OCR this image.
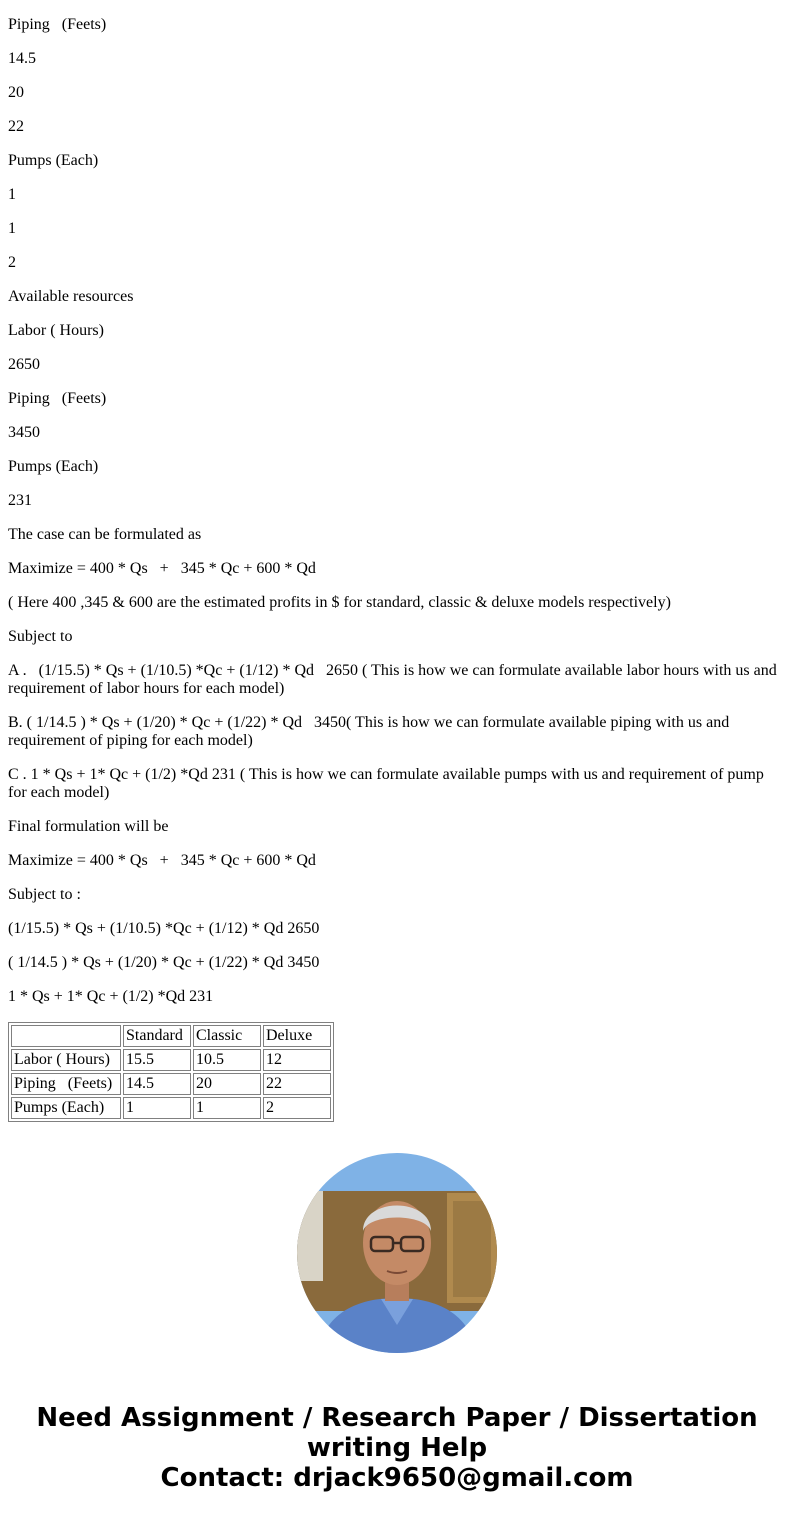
Piping   (Feets)

14.5

20

22

Pumps (Each)

1

1

2

Available resources

Labor ( Hours)

2650

Piping   (Feets)

3450

Pumps (Each)

231

The case can be formulated as

Maximize = 400 * Qs   +   345 * Qc + 600 * Qd

( Here 400 ,345 & 600 are the estimated profits in $ for standard, classic & deluxe models respectively)

Subject to

A .   (1/15.5) * Qs + (1/10.5) *Qc + (1/12) * Qd   2650 ( This is how we can formulate available labor hours with us and requirement of labor hours for each model)

B. ( 1/14.5 ) * Qs + (1/20) * Qc + (1/22) * Qd   3450( This is how we can formulate available piping with us and requirement of piping for each model)

C . 1 * Qs + 1* Qc + (1/2) *Qd 231 ( This is how we can formulate available pumps with us and requirement of pump for each model)

Final formulation will be

Maximize = 400 * Qs   +   345 * Qc + 600 * Qd

Subject to :

(1/15.5) * Qs + (1/10.5) *Qc + (1/12) * Qd 2650

( 1/14.5 ) * Qs + (1/20) * Qc + (1/22) * Qd 3450

1 * Qs + 1* Qc + (1/2) *Qd 231

	Standard	Classic	Deluxe
Labor ( Hours)	15.5	10.5	12
Piping   (Feets)	14.5	20	22
Pumps (Each)	1	1	2
Need Assignment / Research Paper / Dissertation
writing Help
Contact: drjack9650@gmail.com
